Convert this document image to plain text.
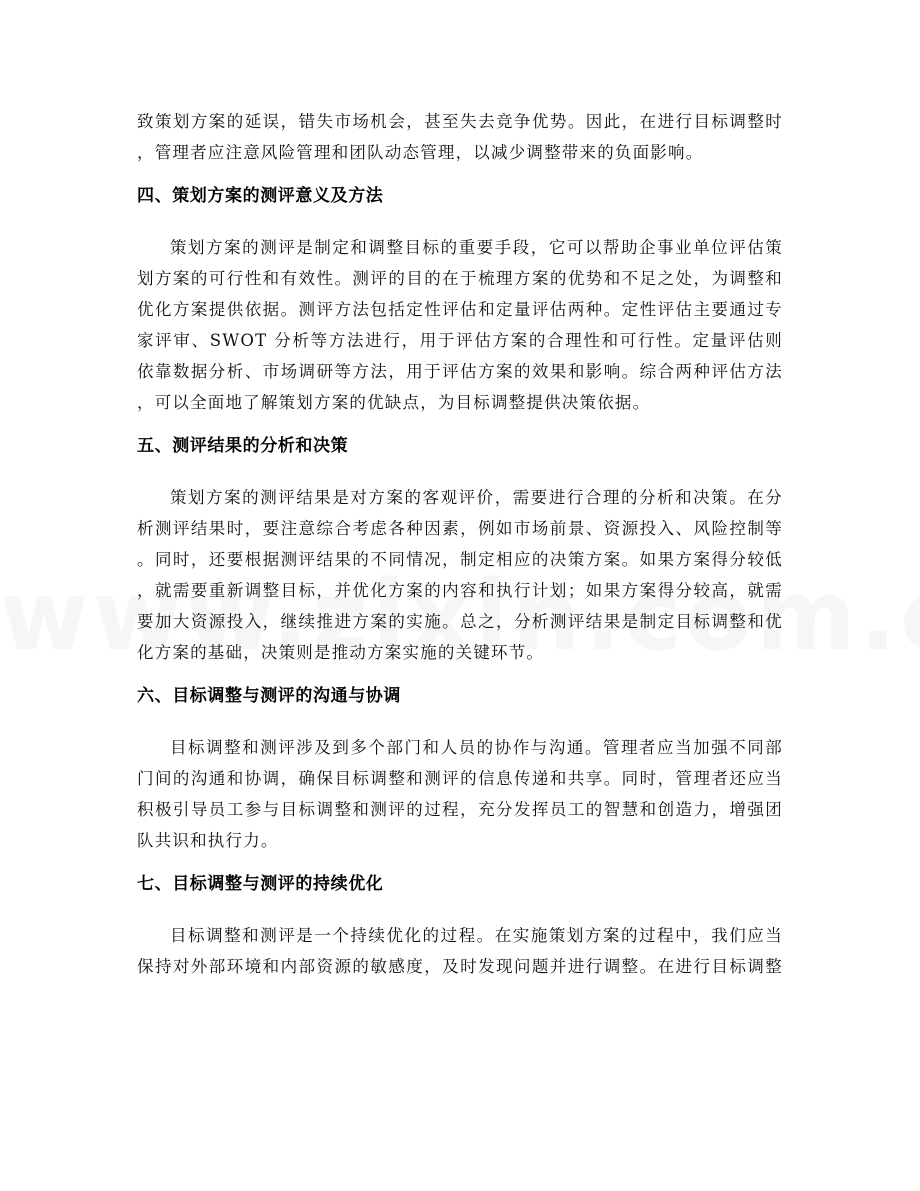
致策划方案的延误，错失市场机会，甚至失去竞争优势。因此，在进行目标调整时

，管理者应注意风险管理和团队动态管理，以减少调整带来的负面影响。

四、策划方案的测评意义及方法

策划方案的测评是制定和调整目标的重要手段，它可以帮助企事业单位评估策

划方案的可行性和有效性。测评的目的在于梳理方案的优势和不足之处，为调整和

优化方案提供依据。测评方法包括定性评估和定量评估两种。定性评估主要通过专

家评审、SWOT 分析等方法进行，用于评估方案的合理性和可行性。定量评估则

依靠数据分析、市场调研等方法，用于评估方案的效果和影响。综合两种评估方法

，可以全面地了解策划方案的优缺点，为目标调整提供决策依据。

五、测评结果的分析和决策

策划方案的测评结果是对方案的客观评价，需要进行合理的分析和决策。在分

析测评结果时，要注意综合考虑各种因素，例如市场前景、资源投入、风险控制等

。同时，还要根据测评结果的不同情况，制定相应的决策方案。如果方案得分较低

，就需要重新调整目标，并优化方案的内容和执行计划；如果方案得分较高，就需

要加大资源投入，继续推进方案的实施。总之，分析测评结果是制定目标调整和优

化方案的基础，决策则是推动方案实施的关键环节。

六、目标调整与测评的沟通与协调

目标调整和测评涉及到多个部门和人员的协作与沟通。管理者应当加强不同部

门间的沟通和协调，确保目标调整和测评的信息传递和共享。同时，管理者还应当

积极引导员工参与目标调整和测评的过程，充分发挥员工的智慧和创造力，增强团

队共识和执行力。

七、目标调整与测评的持续优化

目标调整和测评是一个持续优化的过程。在实施策划方案的过程中，我们应当

保持对外部环境和内部资源的敏感度，及时发现问题并进行调整。在进行目标调整
